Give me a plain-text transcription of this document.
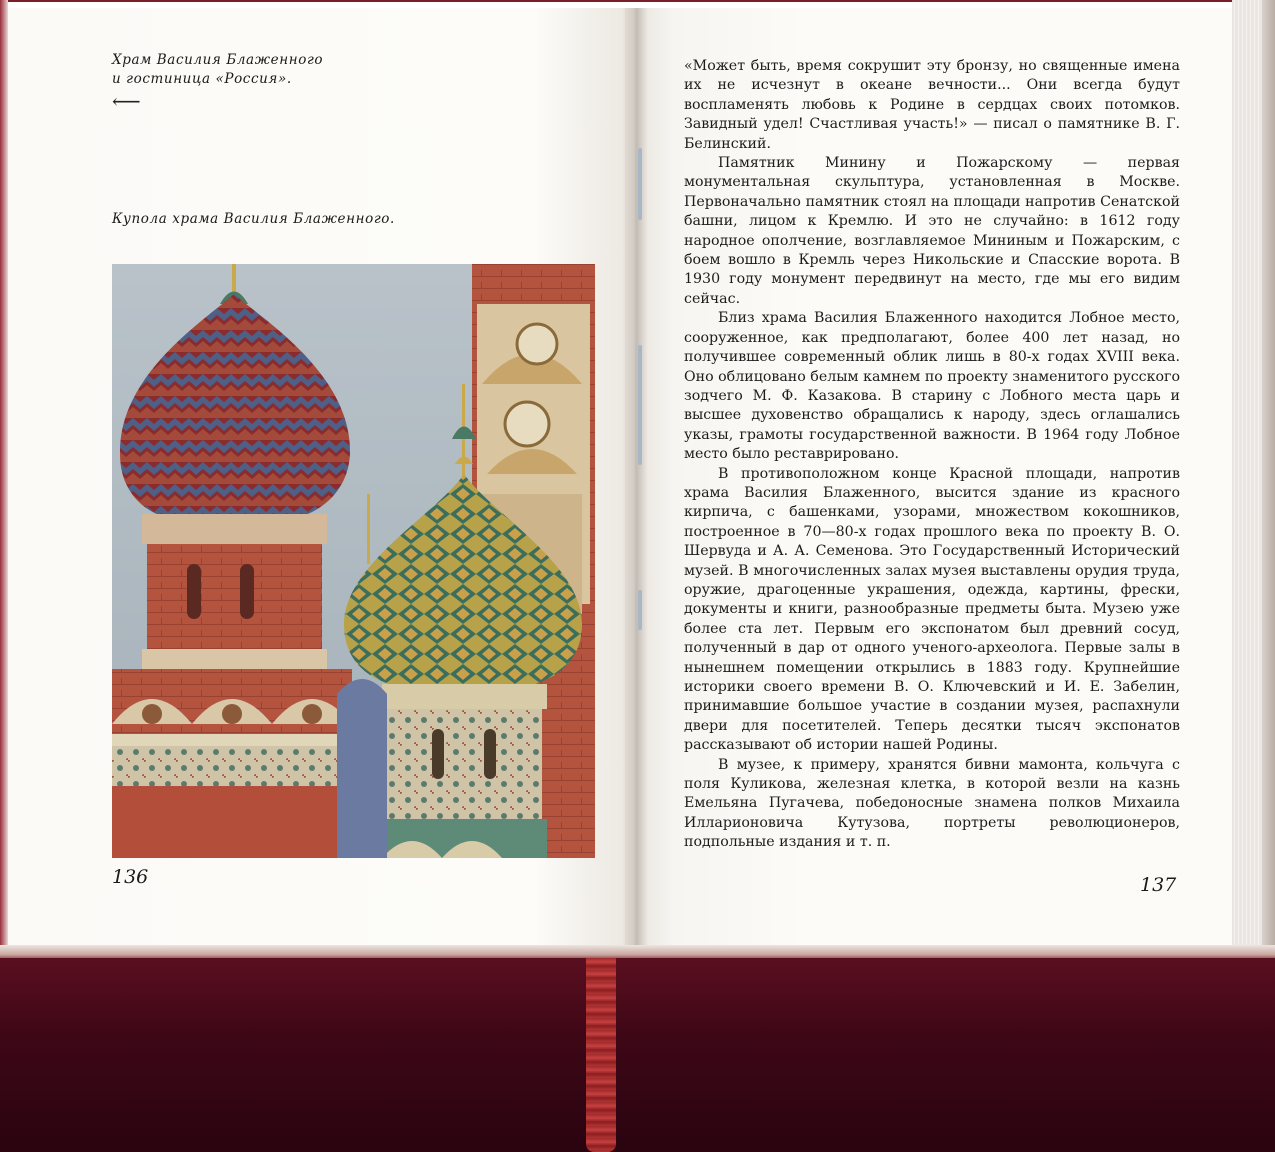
Храм Василия Блаженного
и гостиница «Россия».
⟵
Купола храма Василия Блаженного.
136

«Может быть, время сокрушит эту бронзу, но священные имена их не исчезнут в океане вечности... Они всегда будут воспламенять любовь к Родине в сердцах своих потомков. Завидный удел! Счастливая участь!» — писал о памятнике В. Г. Белинский.

Памятник Минину и Пожарскому — первая монументальная скульптура, установленная в Москве. Первоначально памятник стоял на площади напротив Сенатской башни, лицом к Кремлю. И это не случайно: в 1612 году народное ополчение, возглавляемое Мининым и Пожарским, с боем вошло в Кремль через Никольские и Спасские ворота. В 1930 году монумент передвинут на место, где мы его видим сейчас.

Близ храма Василия Блаженного находится Лобное место, сооруженное, как предполагают, более 400 лет назад, но получившее современный облик лишь в 80-х годах XVIII века. Оно облицовано белым камнем по проекту знаменитого русского зодчего М. Ф. Казакова. В старину с Лобного места царь и высшее духовенство обращались к народу, здесь оглашались указы, грамоты государственной важности. В 1964 году Лобное место было реставрировано.

В противоположном конце Красной площади, напротив храма Василия Блаженного, высится здание из красного кирпича, с башенками, узорами, множеством кокошников, построенное в 70—80-х годах прошлого века по проекту В. О. Шервуда и А. А. Семенова. Это Государственный Исторический музей. В многочисленных залах музея выставлены орудия труда, оружие, драгоценные украшения, одежда, картины, фрески, документы и книги, разнообразные предметы быта. Музею уже более ста лет. Первым его экспонатом был древний сосуд, полученный в дар от одного ученого-археолога. Первые залы в нынешнем помещении открылись в 1883 году. Крупнейшие историки своего времени В. О. Ключевский и И. Е. Забелин, принимавшие большое участие в создании музея, распахнули двери для посетителей. Теперь десятки тысяч экспонатов рассказывают об истории нашей Родины.

В музее, к примеру, хранятся бивни мамонта, кольчуга с поля Куликова, железная клетка, в которой везли на казнь Емельяна Пугачева, победоносные знамена полков Михаила Илларионовича Кутузова, портреты революционеров, подпольные издания и т. п.

137
